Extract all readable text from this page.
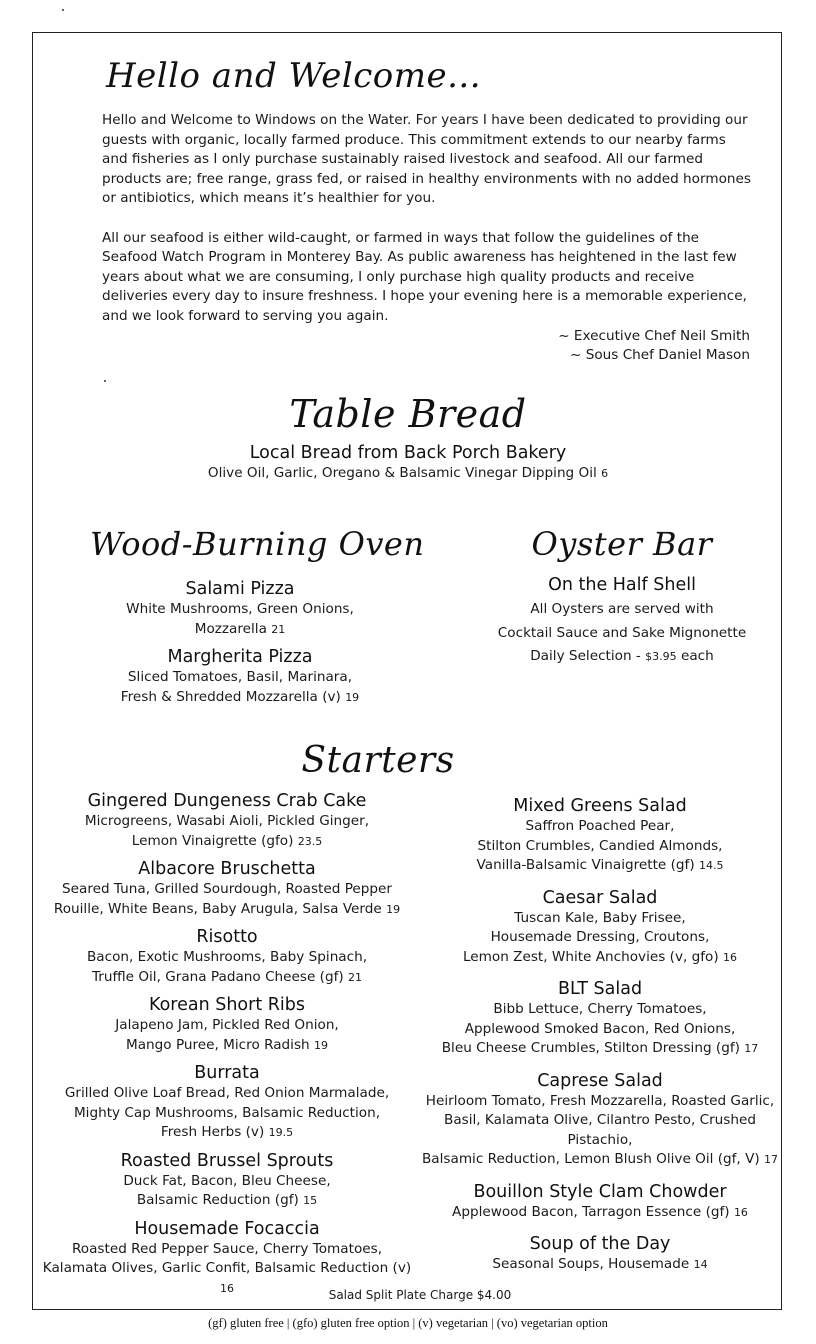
Hello and Welcome...

Hello and Welcome to Windows on the Water. For years I have been dedicated to providing our guests with organic, locally farmed produce. This commitment extends to our nearby farms and fisheries as I only purchase sustainably raised livestock and seafood. All our farmed products are; free range, grass fed, or raised in healthy environments with no added hormones or antibiotics, which means it’s healthier for you.

All our seafood is either wild-caught, or farmed in ways that follow the guidelines of the Seafood Watch Program in Monterey Bay. As public awareness has heightened in the last few years about what we are consuming, I only purchase high quality products and receive deliveries every day to insure freshness. I hope your evening here is a memorable experience, and we look forward to serving you again.

~ Executive Chef Neil Smith
~ Sous Chef Daniel Mason
Table Bread
Local Bread from Back Porch Bakery
Olive Oil, Garlic, Oregano & Balsamic Vinegar Dipping Oil 6
Wood-Burning Oven
Salami Pizza
White Mushrooms, Green Onions,
Mozzarella 21
Margherita Pizza
Sliced Tomatoes, Basil, Marinara,
Fresh & Shredded Mozzarella (v) 19
Oyster Bar
On the Half Shell
All Oysters are served with
Cocktail Sauce and Sake Mignonette
Daily Selection - $3.95 each
Starters
Gingered Dungeness Crab Cake
Microgreens, Wasabi Aioli, Pickled Ginger,
Lemon Vinaigrette (gfo) 23.5
Albacore Bruschetta
Seared Tuna, Grilled Sourdough, Roasted Pepper
Rouille, White Beans, Baby Arugula, Salsa Verde 19
Risotto
Bacon, Exotic Mushrooms, Baby Spinach,
Truffle Oil, Grana Padano Cheese (gf) 21
Korean Short Ribs
Jalapeno Jam, Pickled Red Onion,
Mango Puree, Micro Radish 19
Burrata
Grilled Olive Loaf Bread, Red Onion Marmalade,
Mighty Cap Mushrooms, Balsamic Reduction,
Fresh Herbs (v) 19.5
Roasted Brussel Sprouts
Duck Fat, Bacon, Bleu Cheese,
Balsamic Reduction (gf) 15
Housemade Focaccia
Roasted Red Pepper Sauce, Cherry Tomatoes,
Kalamata Olives, Garlic Confit, Balsamic Reduction (v) 16
Mixed Greens Salad
Saffron Poached Pear,
Stilton Crumbles, Candied Almonds,
Vanilla-Balsamic Vinaigrette (gf) 14.5
Caesar Salad
Tuscan Kale, Baby Frisee,
Housemade Dressing, Croutons,
Lemon Zest, White Anchovies (v, gfo) 16
BLT Salad
Bibb Lettuce, Cherry Tomatoes,
Applewood Smoked Bacon, Red Onions,
Bleu Cheese Crumbles, Stilton Dressing (gf) 17
Caprese Salad
Heirloom Tomato, Fresh Mozzarella, Roasted Garlic,
Basil, Kalamata Olive, Cilantro Pesto, Crushed Pistachio,
Balsamic Reduction, Lemon Blush Olive Oil (gf, V) 17
Bouillon Style Clam Chowder
Applewood Bacon, Tarragon Essence (gf) 16
Soup of the Day
Seasonal Soups, Housemade 14
Salad Split Plate Charge $4.00
(gf) gluten free | (gfo) gluten free option | (v) vegetarian | (vo) vegetarian option
